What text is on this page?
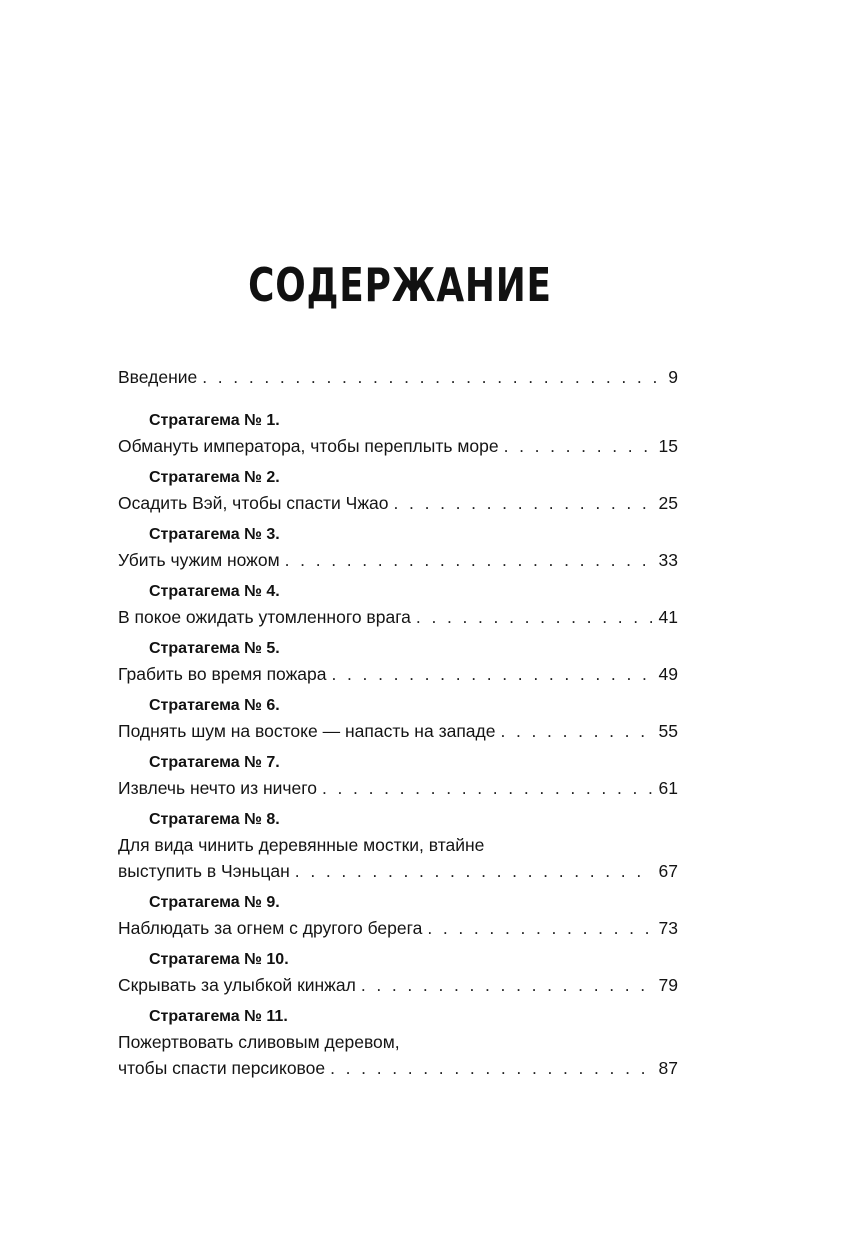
СОДЕРЖАНИЕ
Введение . . .	9
Стратагема № 1.
Обмануть императора, чтобы переплыть море . . .	15
Стратагема № 2.
Осадить Вэй, чтобы спасти Чжао . . .	25
Стратагема № 3.
Убить чужим ножом . . .	33
Стратагема № 4.
В покое ожидать утомленного врага . . .	41
Стратагема № 5.
Грабить во время пожара . . .	49
Стратагема № 6.
Поднять шум на востоке — напасть на западе . . .	55
Стратагема № 7.
Извлечь нечто из ничего . . .	61
Стратагема № 8.
Для вида чинить деревянные мостки, втайне
выступить в Чэньцан . . .	67
Стратагема № 9.
Наблюдать за огнем с другого берега . . .	73
Стратагема № 10.
Скрывать за улыбкой кинжал . . .	79
Стратагема № 11.
Пожертвовать сливовым деревом,
чтобы спасти персиковое . . .	87
